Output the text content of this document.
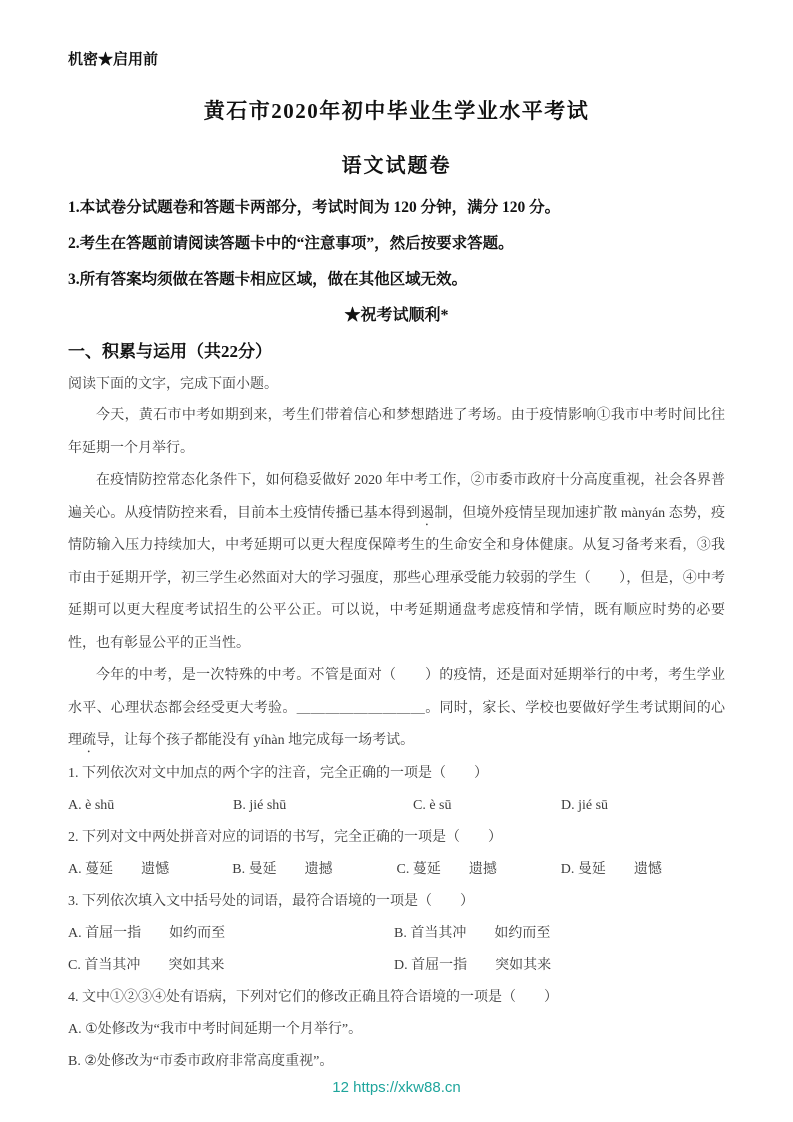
机密★启用前
黄石市2020年初中毕业生学业水平考试
语文试题卷

1.本试卷分试题卷和答题卡两部分，考试时间为 120 分钟，满分 120 分。

2.考生在答题前请阅读答题卡中的“注意事项”，然后按要求答题。

3.所有答案均须做在答题卡相应区域，做在其他区域无效。

★祝考试顺利*

一、积累与运用（共22分）

阅读下面的文字，完成下面小题。

今天，黄石市中考如期到来，考生们带着信心和梦想踏进了考场。由于疫情影响①我市中考时间比往年延期一个月举行。

在疫情防控常态化条件下，如何稳妥做好 2020 年中考工作，②市委市政府十分高度重视，社会各界普遍关心。从疫情防控来看，目前本土疫情传播已基本得到遏制，但境外疫情呈现加速扩散 mànyán 态势，疫情防输入压力持续加大，中考延期可以更大程度保障考生的生命安全和身体健康。从复习备考来看，③我市由于延期开学，初三学生必然面对大的学习强度，那些心理承受能力较弱的学生（　　），但是，④中考延期可以更大程度考试招生的公平公正。可以说，中考延期通盘考虑疫情和学情，既有顺应时势的必要性，也有彰显公平的正当性。

今年的中考，是一次特殊的中考。不管是面对（　　）的疫情，还是面对延期举行的中考，考生学业水平、心理状态都会经受更大考验。＿＿＿＿＿＿＿＿＿。同时，家长、学校也要做好学生考试期间的心理疏导，让每个孩子都能没有 yíhàn 地完成每一场考试。

1. 下列依次对文中加点的两个字的注音，完全正确的一项是（　　）

A. è shū	B. jié shū	C. è sū	D. jié sū

2. 下列对文中两处拼音对应的词语的书写，完全正确的一项是（　　）

A. 蔓延　　遗憾	B. 曼延　　遗撼	C. 蔓延　　遗撼	D. 曼延　　遗憾

3. 下列依次填入文中括号处的词语，最符合语境的一项是（　　）

A. 首屈一指　　如约而至	B. 首当其冲　　如约而至
C. 首当其冲　　突如其来	D. 首屈一指　　突如其来

4. 文中①②③④处有语病，下列对它们的修改正确且符合语境的一项是（　　）

A. ①处修改为“我市中考时间延期一个月举行”。

B. ②处修改为“市委市政府非常高度重视”。

12 https://xkw88.cn
